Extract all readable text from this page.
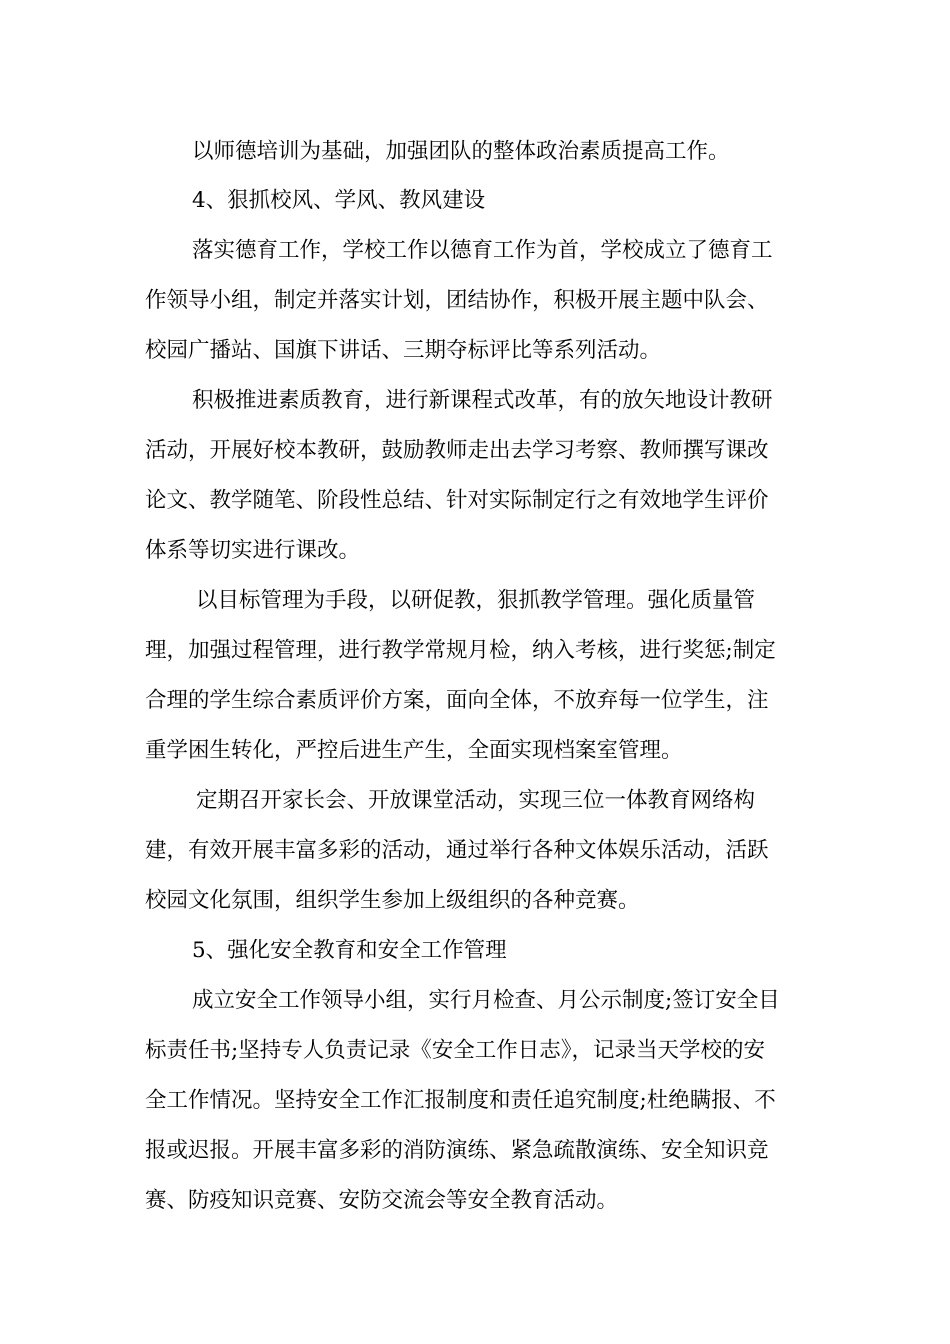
以师德培训为基础，加强团队的整体政治素质提高工作。
4、狠抓校风、学风、教风建设
落实德育工作，学校工作以德育工作为首，学校成立了德育工
作领导小组，制定并落实计划，团结协作，积极开展主题中队会、
校园广播站、国旗下讲话、三期夺标评比等系列活动。
积极推进素质教育，进行新课程式改革，有的放矢地设计教研
活动，开展好校本教研，鼓励教师走出去学习考察、教师撰写课改
论文、教学随笔、阶段性总结、针对实际制定行之有效地学生评价
体系等切实进行课改。
以目标管理为手段，以研促教，狠抓教学管理。强化质量管
理，加强过程管理，进行教学常规月检，纳入考核，进行奖惩;制定
合理的学生综合素质评价方案，面向全体，不放弃每一位学生，注
重学困生转化，严控后进生产生，全面实现档案室管理。
定期召开家长会、开放课堂活动，实现三位一体教育网络构
建，有效开展丰富多彩的活动，通过举行各种文体娱乐活动，活跃
校园文化氛围，组织学生参加上级组织的各种竞赛。
5、强化安全教育和安全工作管理
成立安全工作领导小组，实行月检查、月公示制度;签订安全目
标责任书;坚持专人负责记录《安全工作日志》，记录当天学校的安
全工作情况。坚持安全工作汇报制度和责任追究制度;杜绝瞒报、不
报或迟报。开展丰富多彩的消防演练、紧急疏散演练、安全知识竞
赛、防疫知识竞赛、安防交流会等安全教育活动。
